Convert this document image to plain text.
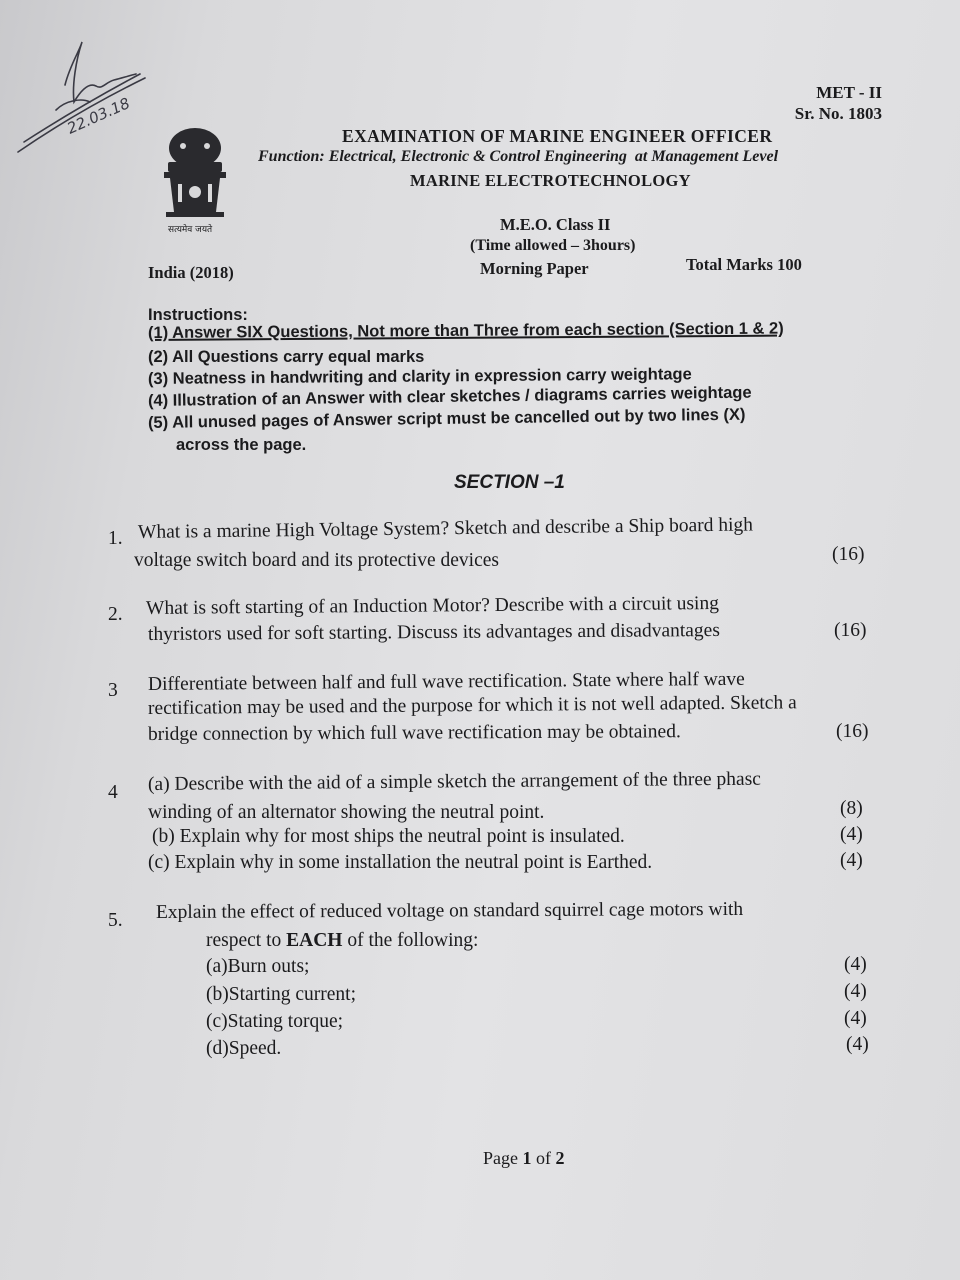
22.03.18
सत्यमेव जयते
MET - II
Sr. No. 1803
EXAMINATION OF MARINE ENGINEER OFFICER
Function: Electrical, Electronic & Control Engineering  at Management Level
MARINE ELECTROTECHNOLOGY
M.E.O. Class II
(Time allowed – 3hours)
Morning Paper
India (2018)	Total Marks 100
Instructions:
(1) Answer SIX Questions, Not more than Three from each section (Section 1 & 2)
(2) All Questions carry equal marks
(3) Neatness in handwriting and clarity in expression carry weightage
(4) Illustration of an Answer with clear sketches / diagrams carries weightage
(5) All unused pages of Answer script must be cancelled out by two lines (X)
across the page.
SECTION –1
1. What is a marine High Voltage System? Sketch and describe a Ship board high
voltage switch board and its protective devices	(16)
2. What is soft starting of an Induction Motor? Describe with a circuit using
thyristors used for soft starting. Discuss its advantages and disadvantages	(16)
3 Differentiate between half and full wave rectification. State where half wave
rectification may be used and the purpose for which it is not well adapted. Sketch a
bridge connection by which full wave rectification may be obtained.	(16)
4 (a) Describe with the aid of a simple sketch the arrangement of the three phasc
winding of an alternator showing the neutral point.	(8)
(b) Explain why for most ships the neutral point is insulated.	(4)
(c) Explain why in some installation the neutral point is Earthed.	(4)
5. Explain the effect of reduced voltage on standard squirrel cage motors with
respect to EACH of the following:
(a)Burn outs;	(4)
(b)Starting current;	(4)
(c)Stating torque;	(4)
(d)Speed.	(4)
Page 1 of 2
